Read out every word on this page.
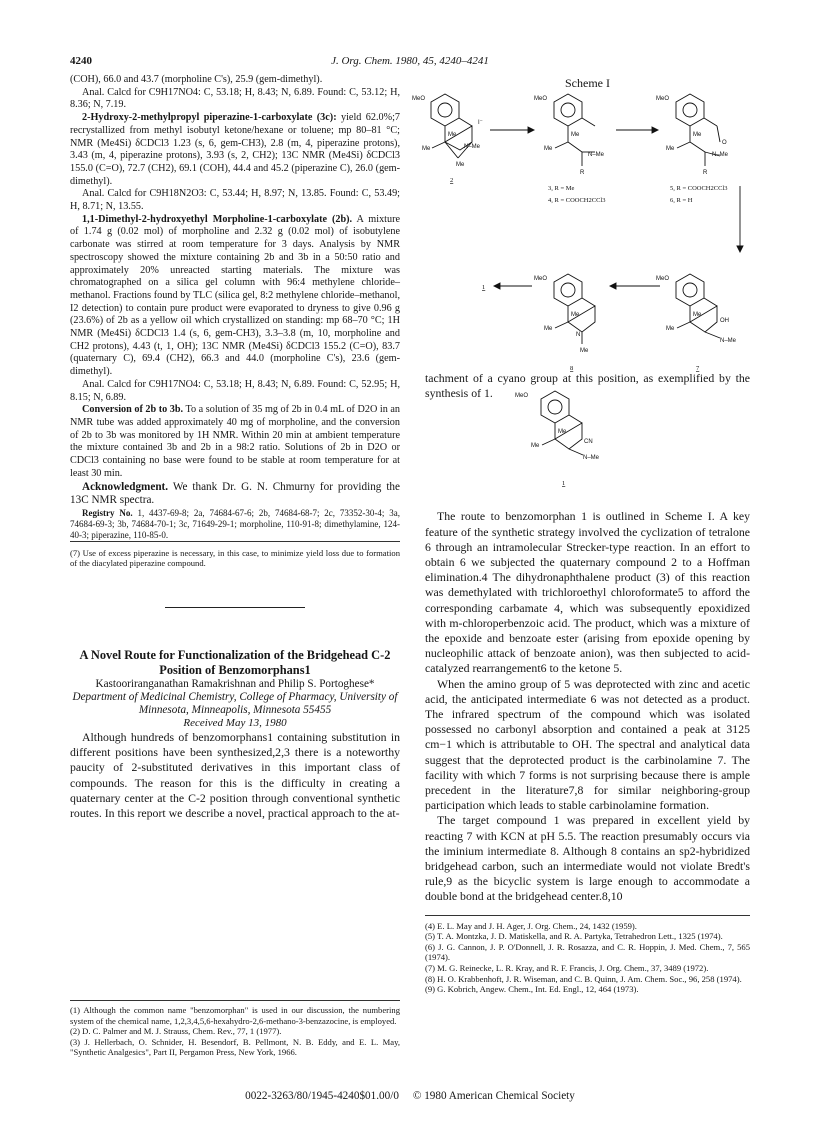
4240	J. Org. Chem. 1980, 45, 4240–4241

(COH), 66.0 and 43.7 (morpholine C's), 25.9 (gem-dimethyl).

Anal. Calcd for C9H17NO4: C, 53.18; H, 8.43; N, 6.89. Found: C, 53.12; H, 8.36; N, 7.19.

2-Hydroxy-2-methylpropyl piperazine-1-carboxylate (3c): yield 62.0%;7 recrystallized from methyl isobutyl ketone/hexane or toluene; mp 80–81 °C; NMR (Me4Si) δCDCl3 1.23 (s, 6, gem-CH3), 2.8 (m, 4, piperazine protons), 3.43 (m, 4, piperazine protons), 3.93 (s, 2, CH2); 13C NMR (Me4Si) δCDCl3 155.0 (C=O), 72.7 (CH2), 69.1 (COH), 44.4 and 45.2 (piperazine C), 26.0 (gem-dimethyl).

Anal. Calcd for C9H18N2O3: C, 53.44; H, 8.97; N, 13.85. Found: C, 53.49; H, 8.71; N, 13.55.

1,1-Dimethyl-2-hydroxyethyl Morpholine-1-carboxylate (2b). A mixture of 1.74 g (0.02 mol) of morpholine and 2.32 g (0.02 mol) of isobutylene carbonate was stirred at room temperature for 3 days. Analysis by NMR spectroscopy showed the mixture containing 2b and 3b in a 50:50 ratio and approximately 20% unreacted starting materials. The mixture was chromatographed on a silica gel column with 96:4 methylene chloride–methanol. Fractions found by TLC (silica gel, 8:2 methylene chloride–methanol, I2 detection) to contain pure product were evaporated to dryness to give 0.96 g (23.6%) of 2b as a yellow oil which crystallized on standing: mp 68–70 °C; 1H NMR (Me4Si) δCDCl3 1.4 (s, 6, gem-CH3), 3.3–3.8 (m, 10, morpholine and CH2 protons), 4.43 (t, 1, OH); 13C NMR (Me4Si) δCDCl3 155.2 (C=O), 83.7 (quaternary C), 69.4 (CH2), 66.3 and 44.0 (morpholine C's), 23.6 (gem-dimethyl).

Anal. Calcd for C9H17NO4: C, 53.18; H, 8.43; N, 6.89. Found: C, 52.95; H, 8.15; N, 6.89.

Conversion of 2b to 3b. To a solution of 35 mg of 2b in 0.4 mL of D2O in an NMR tube was added approximately 40 mg of morpholine, and the conversion of 2b to 3b was monitored by 1H NMR. Within 20 min at ambient temperature the mixture contained 3b and 2b in a 98:2 ratio. Solutions of 2b in D2O or CDCl3 containing no base were found to be stable at room temperature for at least 30 min.

Acknowledgment. We thank Dr. G. N. Chmurny for providing the 13C NMR spectra.

Registry No. 1, 4437-69-8; 2a, 74684-67-6; 2b, 74684-68-7; 2c, 73352-30-4; 3a, 74684-69-3; 3b, 74684-70-1; 3c, 71649-29-1; morpholine, 110-91-8; dimethylamine, 124-40-3; piperazine, 110-85-0.

(7) Use of excess piperazine is necessary, in this case, to minimize yield loss due to formation of the diacylated piperazine compound.

A Novel Route for Functionalization of the Bridgehead C-2 Position of Benzomorphans1

Kastooriranganathan Ramakrishnan and Philip S. Portoghese*

Department of Medicinal Chemistry, College of Pharmacy, University of Minnesota, Minneapolis, Minnesota 55455

Received May 13, 1980

Although hundreds of benzomorphans1 containing substitution in different positions have been synthesized,2,3 there is a noteworthy paucity of 2-substituted derivatives in this important class of compounds. The reason for this is the difficulty in creating a quaternary center at the C-2 position through conventional synthetic routes. In this report we describe a novel, practical approach to the at-

(1) Although the common name "benzomorphan" is used in our discussion, the numbering system of the chemical name, 1,2,3,4,5,6-hexahydro-2,6-methano-3-benzazocine, is employed.

(2) D. C. Palmer and M. J. Strauss, Chem. Rev., 77, 1 (1977).

(3) J. Hellerbach, O. Schnider, H. Besendorf, B. Pellmont, N. B. Eddy, and E. L. May, "Synthetic Analgesics", Part II, Pergamon Press, New York, 1966.

Scheme I
MeO	MeO	MeO
MeO	MeO
Me
Me	N–Me
Me
I⁻
Me
Me
N–Me
R
Me
Me
O
N–Me
R
Me
Me
N
Me
Me
Me
OH
N–Me
2
3, R = Me
4, R = COOCH2CCl3
5, R = COOCH2CCl3
6, R = H
1
8	7

tachment of a cyano group at this position, as exemplified by the synthesis of 1.

The route to benzomorphan 1 is outlined in Scheme I. A key feature of the synthetic strategy involved the cyclization of tetralone 6 through an intramolecular Strecker-type reaction. In an effort to obtain 6 we subjected the quaternary compound 2 to a Hoffman elimination.4 The dihydronaphthalene product (3) of this reaction was demethylated with trichloroethyl chloroformate5 to afford the corresponding carbamate 4, which was subsequently epoxidized with m-chloroperbenzoic acid. The product, which was a mixture of the epoxide and benzoate ester (arising from epoxide opening by nucleophilic attack of benzoate anion), was then subjected to acid-catalyzed rearrangement6 to the ketone 5.

When the amino group of 5 was deprotected with zinc and acetic acid, the anticipated intermediate 6 was not detected as a product. The infrared spectrum of the compound which was isolated possessed no carbonyl absorption and contained a peak at 3125 cm−1 which is attributable to OH. The spectral and analytical data suggest that the deprotected product is the carbinolamine 7. The facility with which 7 forms is not surprising because there is ample precedent in the literature7,8 for similar neighboring-group participation which leads to stable carbinolamine formation.

The target compound 1 was prepared in excellent yield by reacting 7 with KCN at pH 5.5. The reaction presumably occurs via the iminium intermediate 8. Although 8 contains an sp2-hybridized bridgehead carbon, such an intermediate would not violate Bredt's rule,9 as the bicyclic system is large enough to accommodate a double bond at the bridgehead center.8,10

(4) E. L. May and J. H. Ager, J. Org. Chem., 24, 1432 (1959).

(5) T. A. Montzka, J. D. Matiskella, and R. A. Partyka, Tetrahedron Lett., 1325 (1974).

(6) J. G. Cannon, J. P. O'Donnell, J. R. Rosazza, and C. R. Hoppin, J. Med. Chem., 7, 565 (1974).

(7) M. G. Reinecke, L. R. Kray, and R. F. Francis, J. Org. Chem., 37, 3489 (1972).

(8) H. O. Krabbenhoft, J. R. Wiseman, and C. B. Quinn, J. Am. Chem. Soc., 96, 258 (1974).

(9) G. Kobrich, Angew. Chem., Int. Ed. Engl., 12, 464 (1973).

MeO
Me
Me
CN
N–Me
1
0022-3263/80/1945-4240$01.00/0 © 1980 American Chemical Society
